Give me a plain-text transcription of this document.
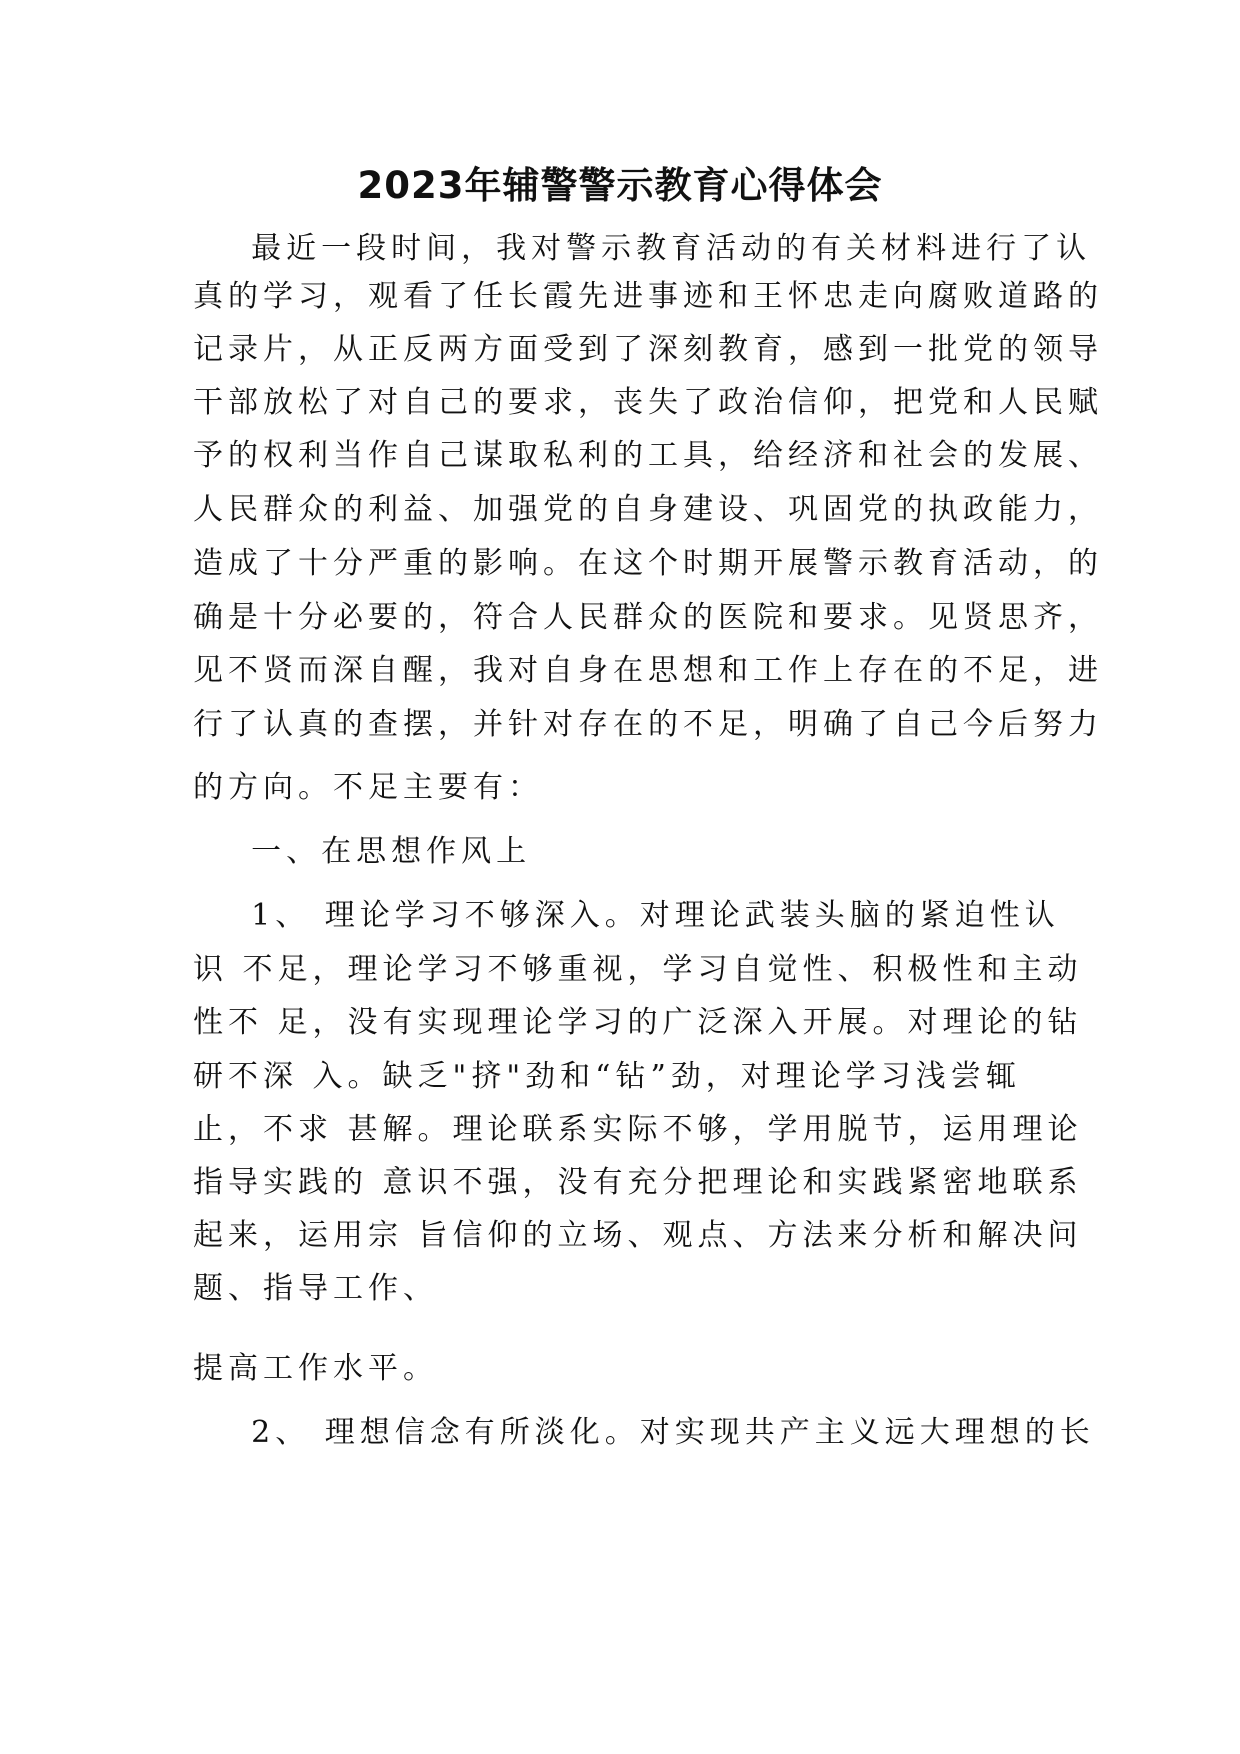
2023年辅警警示教育心得体会

最近一段时间，我对警示教育活动的有关材料进行了认

真的学习，观看了任长霞先进事迹和王怀忠走向腐败道路的

记录片，从正反两方面受到了深刻教育，感到一批党的领导

干部放松了对自己的要求，丧失了政治信仰，把党和人民赋

予的权利当作自己谋取私利的工具，给经济和社会的发展、

人民群众的利益、加强党的自身建设、巩固党的执政能力，

造成了十分严重的影响。在这个时期开展警示教育活动，的

确是十分必要的，符合人民群众的医院和要求。见贤思齐，

见不贤而深自醒，我对自身在思想和工作上存在的不足，进

行了认真的查摆，并针对存在的不足，明确了自己今后努力

的方向。不足主要有：

一、在思想作风上

1、 理论学习不够深入。对理论武装头脑的紧迫性认

识 不足，理论学习不够重视，学习自觉性、积极性和主动

性不 足，没有实现理论学习的广泛深入开展。对理论的钻

研不深 入。缺乏"挤"劲和“钻”劲，对理论学习浅尝辄

止，不求 甚解。理论联系实际不够，学用脱节，运用理论

指导实践的 意识不强，没有充分把理论和实践紧密地联系

起来，运用宗 旨信仰的立场、观点、方法来分析和解决问

题、指导工作、

提高工作水平。

2、 理想信念有所淡化。对实现共产主义远大理想的长
